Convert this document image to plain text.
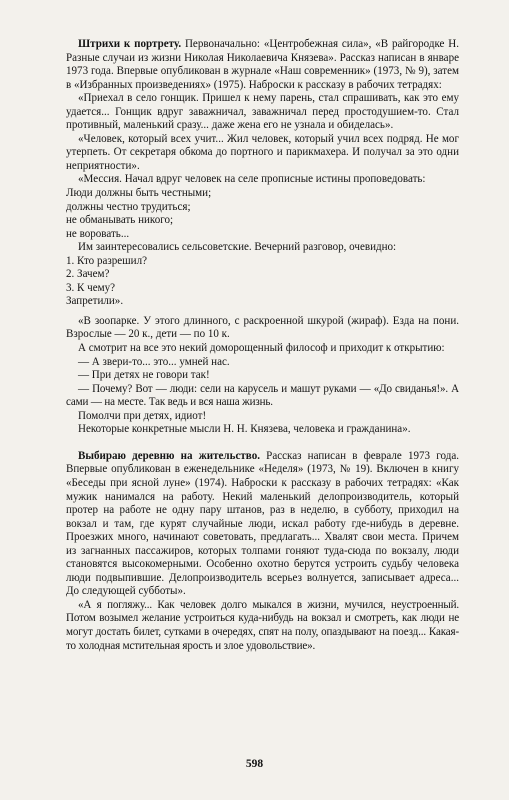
Штрихи к портрету. Первоначально: «Центробежная сила», «В райгородке Н. Разные случаи из жизни Николая Николаевича Князева». Рассказ написан в январе 1973 года. Впервые опубликован в журнале «Наш современник» (1973, № 9), затем в «Избранных произведениях» (1975). Наброски к рассказу в рабочих тетрадях:

«Приехал в село гонщик. Пришел к нему парень, стал спрашивать, как это ему удается... Гонщик вдруг заважничал, заважничал перед простодушием-то. Стал противный, маленький сразу... даже жена его не узнала и обиделась».

«Человек, который всех учит... Жил человек, который учил всех подряд. Не мог утерпеть. От секретаря обкома до портного и парикмахера. И получал за это одни неприятности».

«Мессия. Начал вдруг человек на селе прописные истины проповедовать:

Люди должны быть честными;

должны честно трудиться;

не обманывать никого;

не воровать...

Им заинтересовались сельсоветские. Вечерний разговор, очевидно:

1. Кто разрешил?

2. Зачем?

3. К чему?

Запретили».

«В зоопарке. У этого длинного, с раскроенной шкурой (жираф). Езда на пони. Взрослые — 20 к., дети — по 10 к.

А смотрит на все это некий доморощенный философ и приходит к открытию:

— А звери-то... это... умней нас.

— При детях не говори так!

— Почему? Вот — люди: сели на карусель и машут руками — «До свиданья!». А сами — на месте. Так ведь и вся наша жизнь.

Помолчи при детях, идиот!

Некоторые конкретные мысли Н. Н. Князева, человека и гражданина».

Выбираю деревню на жительство. Рассказ написан в феврале 1973 года. Впервые опубликован в еженедельнике «Неделя» (1973, № 19). Включен в книгу «Беседы при ясной луне» (1974). Наброски к рассказу в рабочих тетрадях: «Как мужик нанимался на работу. Некий маленький делопроизводитель, который протер на работе не одну пару штанов, раз в неделю, в субботу, приходил на вокзал и там, где курят случайные люди, искал работу где-нибудь в деревне. Проезжих много, начинают советовать, предлагать... Хвалят свои места. Причем из загнанных пассажиров, которых толпами гоняют туда-сюда по вокзалу, люди становятся высокомерными. Особенно охотно берутся устроить судьбу человека люди подвыпившие. Делопроизводитель всерьез волнуется, записывает адреса... До следующей субботы».

«А я погляжу... Как человек долго мыкался в жизни, мучился, неустроенный. Потом возымел желание устроиться куда-нибудь на вокзал и смотреть, как люди не могут достать билет, сутками в очередях, спят на полу, опаздывают на поезд... Какая-то холодная мстительная ярость и злое удовольствие».

598
